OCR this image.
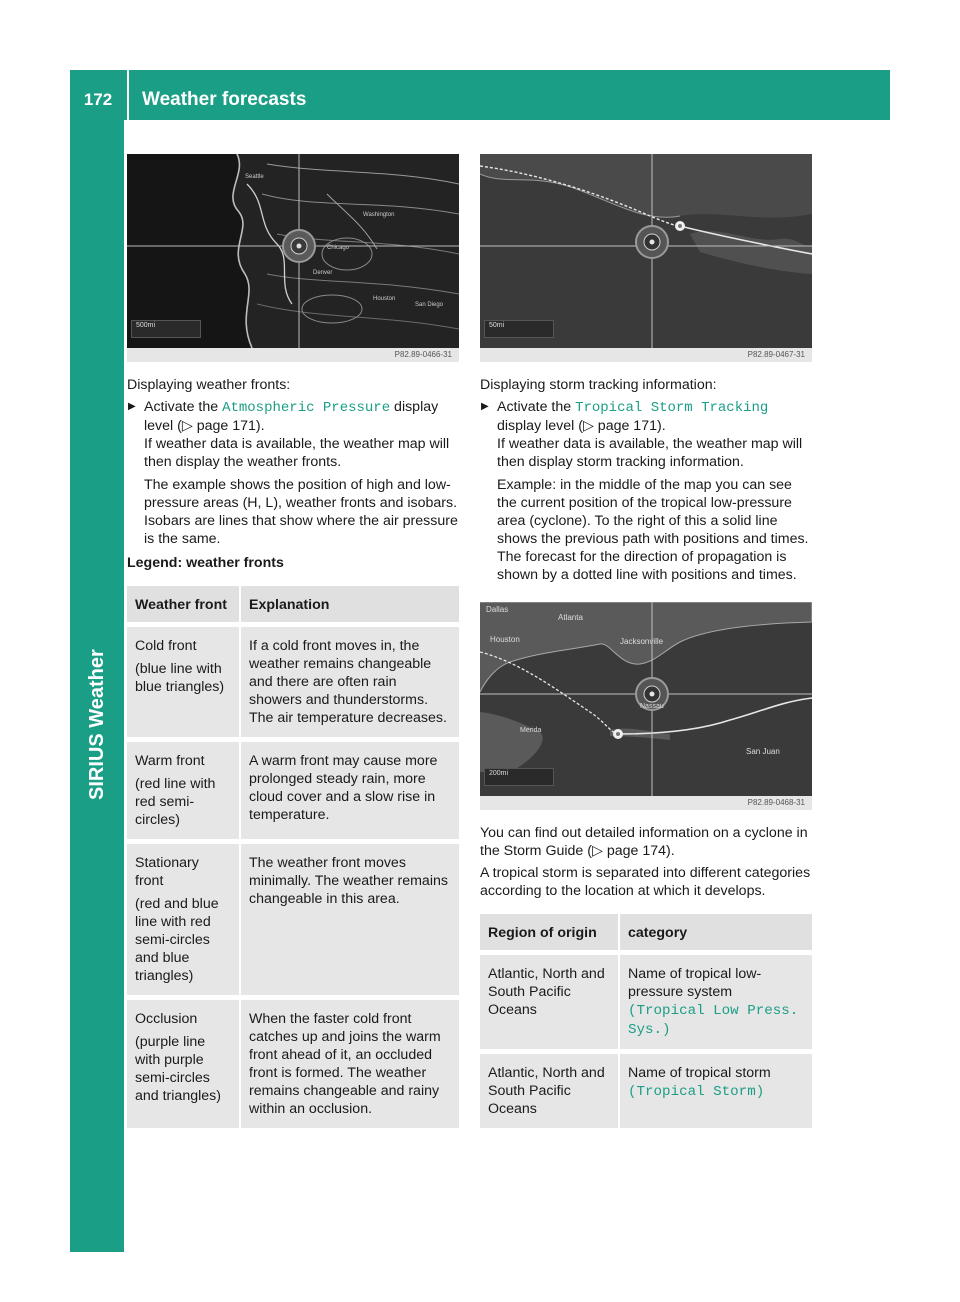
172	Weather forecasts
SIRIUS Weather
Washington
Chicago
Seattle
Denver
Houston
San Diego
500mi
P82.89-0466-31

Displaying weather fronts:

▶ Activate the Atmospheric Pressure display level (▷ page 171).
If weather data is available, the weather map will then display the weather fronts.

The example shows the position of high and low-pressure areas (H, L), weather fronts and isobars. Isobars are lines that show where the air pressure is the same.

Legend: weather fronts

Weather front	Explanation

Cold front

(blue line with blue triangles)	If a cold front moves in, the weather remains changeable and there are often rain showers and thunderstorms. The air temperature decreases.

Warm front

(red line with red semi-circles)	A warm front may cause more prolonged steady rain, more cloud cover and a slow rise in temperature.

Stationary front

(red and blue line with red semi-circles and blue triangles)	The weather front moves minimally. The weather remains changeable in this area.

Occlusion

(purple line with purple semi-circles and triangles)	When the faster cold front catches up and joins the warm front ahead of it, an occluded front is formed. The weather remains changeable and rainy within an occlusion.
50mi
P82.89-0467-31

Displaying storm tracking information:

▶ Activate the Tropical Storm Tracking display level (▷ page 171).
If weather data is available, the weather map will then display storm tracking information.

Example: in the middle of the map you can see the current position of the tropical low-pressure area (cyclone). To the right of this a solid line shows the previous path with positions and times. The forecast for the direction of propagation is shown by a dotted line with positions and times.

Dallas
Atlanta
Houston	Jacksonville
Nassau
Merida
San Juan
200mi
P82.89-0468-31

You can find out detailed information on a cyclone in the Storm Guide (▷ page 174).

A tropical storm is separated into different categories according to the location at which it develops.

Region of origin	category
Atlantic, North and South Pacific Oceans	Name of tropical low-pressure system (Tropical Low Press. Sys.)
Atlantic, North and South Pacific Oceans	Name of tropical storm (Tropical Storm)
